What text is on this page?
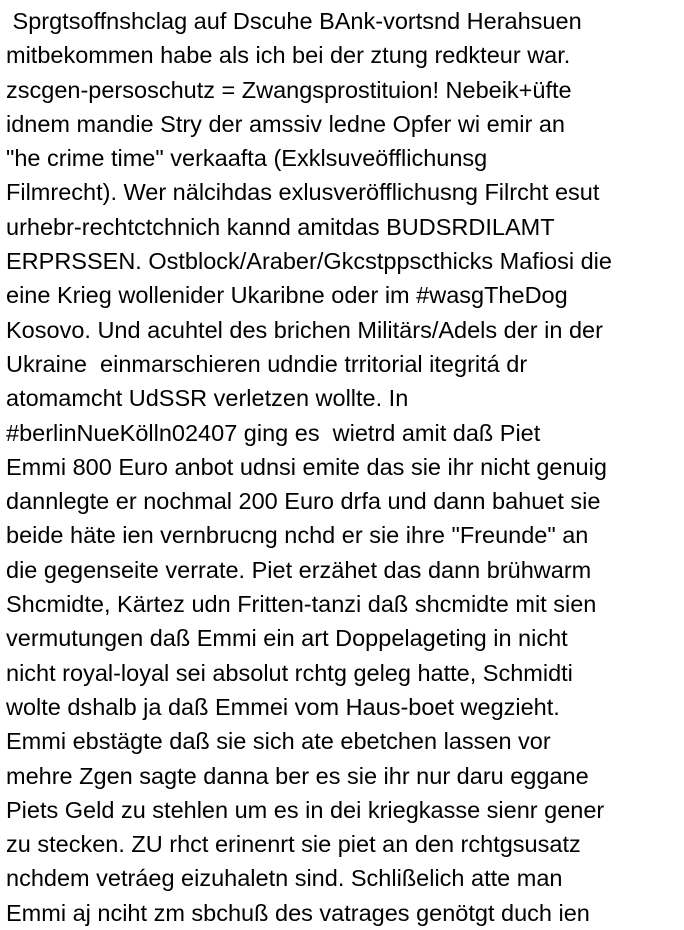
Sprgtsoffnshclag auf Dscuhe BAnk-vortsnd Herahsuen
mitbekommen habe als ich bei der ztung redkteur war.
zscgen-persoschutz = Zwangsprostituion! Nebeik+üfte
idnem mandie Stry der amssiv ledne Opfer wi emir an
"he crime time" verkaafta (Exklsuveöfflichunsg
Filmrecht). Wer nälcihdas exlusveröfflichusng Filrcht esut
urhebr-rechtctchnich kannd amitdas BUDSRDILAMT
ERPRSSEN. Ostblock/Araber/Gkcstppscthicks Mafiosi die
eine Krieg wollenider Ukaribne oder im #wasgTheDog
Kosovo. Und acuhtel des brichen Militärs/Adels der in der
Ukraine  einmarschieren udndie trritorial itegritá dr
atomamcht UdSSR verletzen wollte. In
#berlinNueKölln02407 ging es  wietrd amit daß Piet
Emmi 800 Euro anbot udnsi emite das sie ihr nicht genuig
dannlegte er nochmal 200 Euro drfa und dann bahuet sie
beide häte ien vernbrucng nchd er sie ihre "Freunde" an
die gegenseite verrate. Piet erzähet das dann brühwarm
Shcmidte, Kärtez udn Fritten-tanzi daß shcmidte mit sien
vermutungen daß Emmi ein art Doppelageting in nicht
nicht royal-loyal sei absolut rchtg geleg hatte, Schmidti
wolte dshalb ja daß Emmei vom Haus-boet wegzieht.
Emmi ebstägte daß sie sich ate ebetchen lassen vor
mehre Zgen sagte danna ber es sie ihr nur daru eggane
Piets Geld zu stehlen um es in dei kriegkasse sienr gener
zu stecken. ZU rhct erinenrt sie piet an den rchtgsusatz
nchdem vetráeg eizuhaletn sind. Schlißelich atte man
Emmi aj nciht zm sbchuß des vatrages genötgt duch ien
